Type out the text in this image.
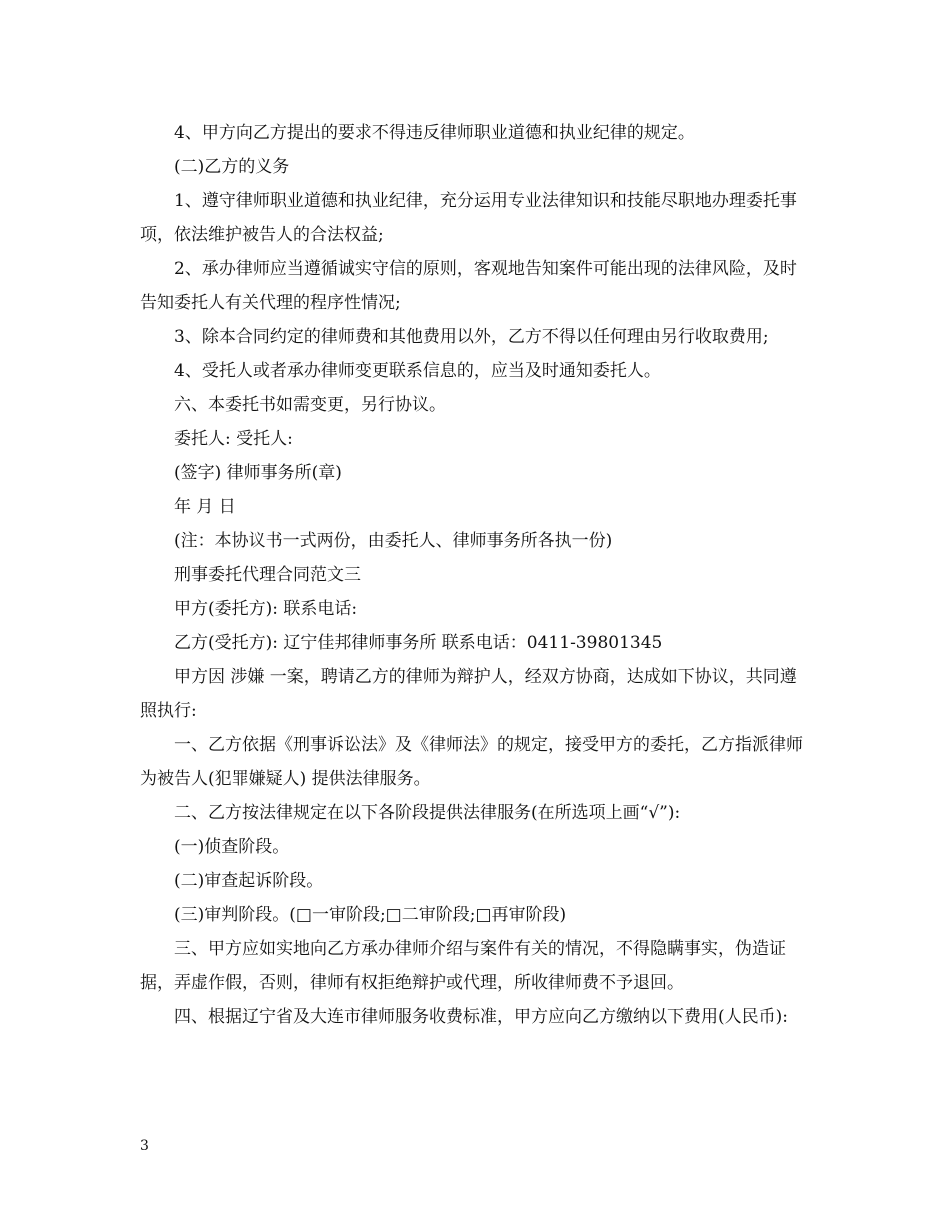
4、甲方向乙方提出的要求不得违反律师职业道德和执业纪律的规定。

(二)乙方的义务

1、遵守律师职业道德和执业纪律，充分运用专业法律知识和技能尽职地办理委托事项，依法维护被告人的合法权益;

2、承办律师应当遵循诚实守信的原则，客观地告知案件可能出现的法律风险，及时告知委托人有关代理的程序性情况;

3、除本合同约定的律师费和其他费用以外，乙方不得以任何理由另行收取费用;

4、受托人或者承办律师变更联系信息的，应当及时通知委托人。

六、本委托书如需变更，另行协议。

委托人: 受托人:

(签字) 律师事务所(章)

年 月 日

(注：本协议书一式两份，由委托人、律师事务所各执一份)

刑事委托代理合同范文三

甲方(委托方): 联系电话:

乙方(受托方): 辽宁佳邦律师事务所 联系电话：0411-39801345

甲方因 涉嫌 一案，聘请乙方的律师为辩护人，经双方协商，达成如下协议，共同遵照执行:

一、乙方依据《刑事诉讼法》及《律师法》的规定，接受甲方的委托，乙方指派律师 为被告人(犯罪嫌疑人) 提供法律服务。

二、乙方按法律规定在以下各阶段提供法律服务(在所选项上画“√”):

(一)侦查阶段。

(二)审查起诉阶段。

(三)审判阶段。(□一审阶段;□二审阶段;□再审阶段)

三、甲方应如实地向乙方承办律师介绍与案件有关的情况，不得隐瞒事实，伪造证据，弄虚作假，否则，律师有权拒绝辩护或代理，所收律师费不予退回。

四、根据辽宁省及大连市律师服务收费标准，甲方应向乙方缴纳以下费用(人民币):

3
